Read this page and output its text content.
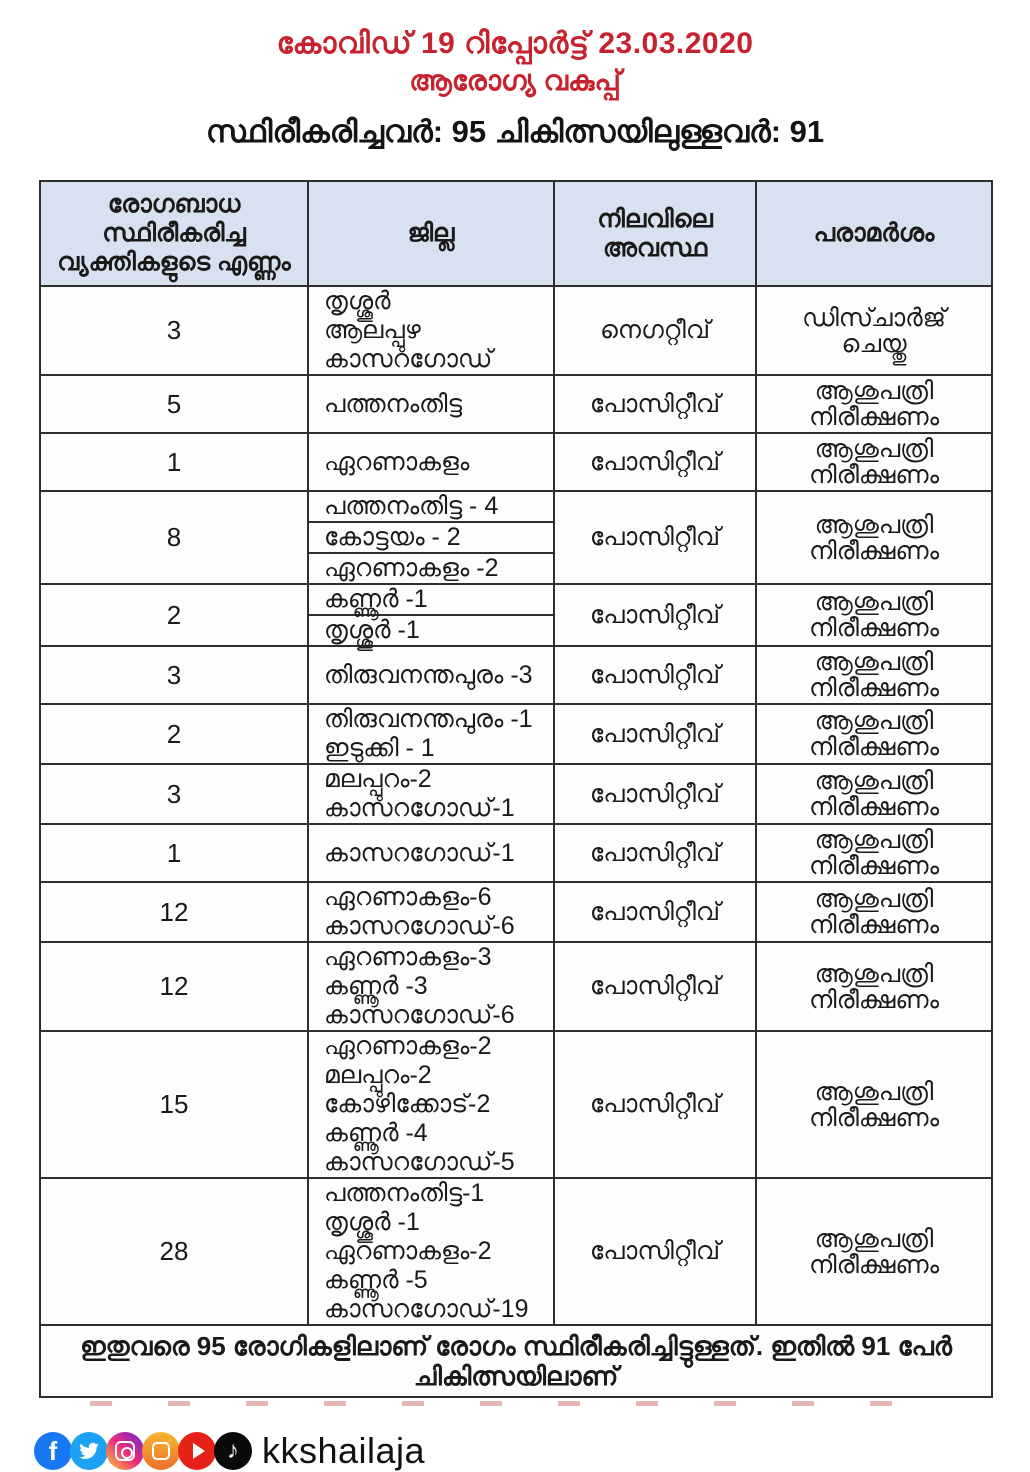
കോവിഡ് 19 റിപ്പോർട്ട് 23.03.2020
ആരോഗ്യ വകുപ്പ്
സ്ഥിരീകരിച്ചവർ: 95 ചികിത്സയിലുള്ളവർ: 91
രോഗബാധ സ്ഥിരീകരിച്ച വ്യക്തികളുടെ എണ്ണം	ജില്ല	നിലവിലെ അവസ്ഥ	പരാമർശം
3	തൃശ്ശൂർ
ആലപ്പുഴ
കാസറഗോഡ്	നെഗറ്റീവ്	ഡിസ്ചാർജ് ചെയ്തു
5	പത്തനംതിട്ട	പോസിറ്റീവ്	ആശുപത്രി നിരീക്ഷണം
1	ഏറണാകളം	പോസിറ്റീവ്	ആശുപത്രി നിരീക്ഷണം
8	പത്തനംതിട്ട - 4
കോട്ടയം - 2
ഏറണാകളം -2	പോസിറ്റീവ്	ആശുപത്രി നിരീക്ഷണം
2	കണ്ണൂർ -1
തൃശ്ശൂർ -1	പോസിറ്റീവ്	ആശുപത്രി നിരീക്ഷണം
3	തിരുവനന്തപുരം -3	പോസിറ്റീവ്	ആശുപത്രി നിരീക്ഷണം
2	തിരുവനന്തപുരം -1
ഇടുക്കി - 1	പോസിറ്റീവ്	ആശുപത്രി നിരീക്ഷണം
3	മലപ്പുറം-2
കാസറഗോഡ്-1	പോസിറ്റീവ്	ആശുപത്രി നിരീക്ഷണം
1	കാസറഗോഡ്-1	പോസിറ്റീവ്	ആശുപത്രി നിരീക്ഷണം
12	ഏറണാകളം-6
കാസറഗോഡ്-6	പോസിറ്റീവ്	ആശുപത്രി നിരീക്ഷണം
12	ഏറണാകളം-3
കണ്ണൂർ -3
കാസറഗോഡ്-6	പോസിറ്റീവ്	ആശുപത്രി നിരീക്ഷണം
15	ഏറണാകളം-2
മലപ്പുറം-2
കോഴിക്കോട്-2
കണ്ണൂർ -4
കാസറഗോഡ്-5	പോസിറ്റീവ്	ആശുപത്രി നിരീക്ഷണം
28	പത്തനംതിട്ട-1
തൃശ്ശൂർ -1
ഏറണാകളം-2
കണ്ണൂർ -5
കാസറഗോഡ്-19	പോസിറ്റീവ്	ആശുപത്രി നിരീക്ഷണം
ഇതുവരെ 95 രോഗികളിലാണ് രോഗം സ്ഥിരീകരിച്ചിട്ടുള്ളത്. ഇതിൽ 91 പേർ ചികിത്സയിലാണ്			
f	♪ kkshailaja
